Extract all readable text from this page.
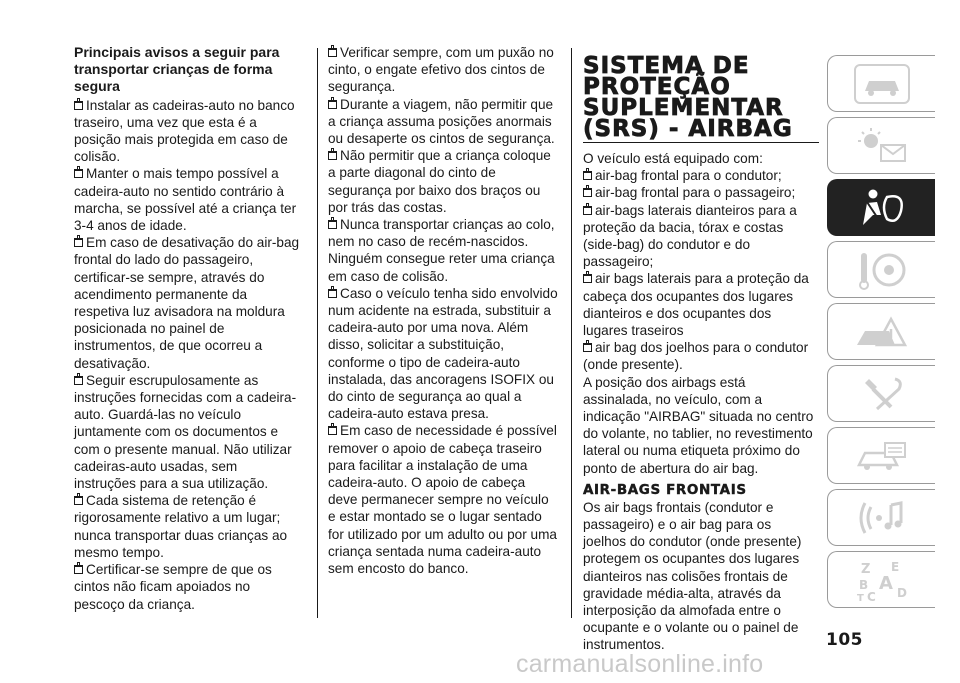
Principais avisos a seguir para transportar crianças de forma segura

Instalar as cadeiras-auto no banco traseiro, uma vez que esta é a posição mais protegida em caso de colisão.

Manter o mais tempo possível a cadeira-auto no sentido contrário à marcha, se possível até a criança ter 3-4 anos de idade.

Em caso de desativação do air-bag frontal do lado do passageiro, certificar-se sempre, através do acendimento permanente da respetiva luz avisadora na moldura posicionada no painel de instrumentos, de que ocorreu a desativação.

Seguir escrupulosamente as instruções fornecidas com a cadeira-auto. Guardá-las no veículo juntamente com os documentos e com o presente manual. Não utilizar cadeiras-auto usadas, sem instruções para a sua utilização.

Cada sistema de retenção é rigorosamente relativo a um lugar; nunca transportar duas crianças ao mesmo tempo.

Certificar-se sempre de que os cintos não ficam apoiados no pescoço da criança.

Verificar sempre, com um puxão no cinto, o engate efetivo dos cintos de segurança.

Durante a viagem, não permitir que a criança assuma posições anormais ou desaperte os cintos de segurança.

Não permitir que a criança coloque a parte diagonal do cinto de segurança por baixo dos braços ou por trás das costas.

Nunca transportar crianças ao colo, nem no caso de recém-nascidos. Ninguém consegue reter uma criança em caso de colisão.

Caso o veículo tenha sido envolvido num acidente na estrada, substituir a cadeira-auto por uma nova. Além disso, solicitar a substituição, conforme o tipo de cadeira-auto instalada, das ancoragens ISOFIX ou do cinto de segurança ao qual a cadeira-auto estava presa.

Em caso de necessidade é possível remover o apoio de cabeça traseiro para facilitar a instalação de uma cadeira-auto. O apoio de cabeça deve permanecer sempre no veículo e estar montado se o lugar sentado for utilizado por um adulto ou por uma criança sentada numa cadeira-auto sem encosto do banco.

SISTEMA DE PROTEÇÃO SUPLEMENTAR (SRS) - AIRBAG

O veículo está equipado com:

air-bag frontal para o condutor;

air-bag frontal para o passageiro;

air-bags laterais dianteiros para a proteção da bacia, tórax e costas (side-bag) do condutor e do passageiro;

air bags laterais para a proteção da cabeça dos ocupantes dos lugares dianteiros e dos ocupantes dos lugares traseiros

air bag dos joelhos para o condutor (onde presente).

A posição dos airbags está assinalada, no veículo, com a indicação "AIRBAG" situada no centro do volante, no tablier, no revestimento lateral ou numa etiqueta próximo do ponto de abertura do air bag.

AIR-BAGS FRONTAIS

Os air bags frontais (condutor e passageiro) e o air bag para os joelhos do condutor (onde presente) protegem os ocupantes dos lugares dianteiros nas colisões frontais de gravidade média-alta, através da interposição da almofada entre o ocupante e o volante ou o painel de instrumentos.

Z E
B A
C
T	D
105
carmanualsonline.info
